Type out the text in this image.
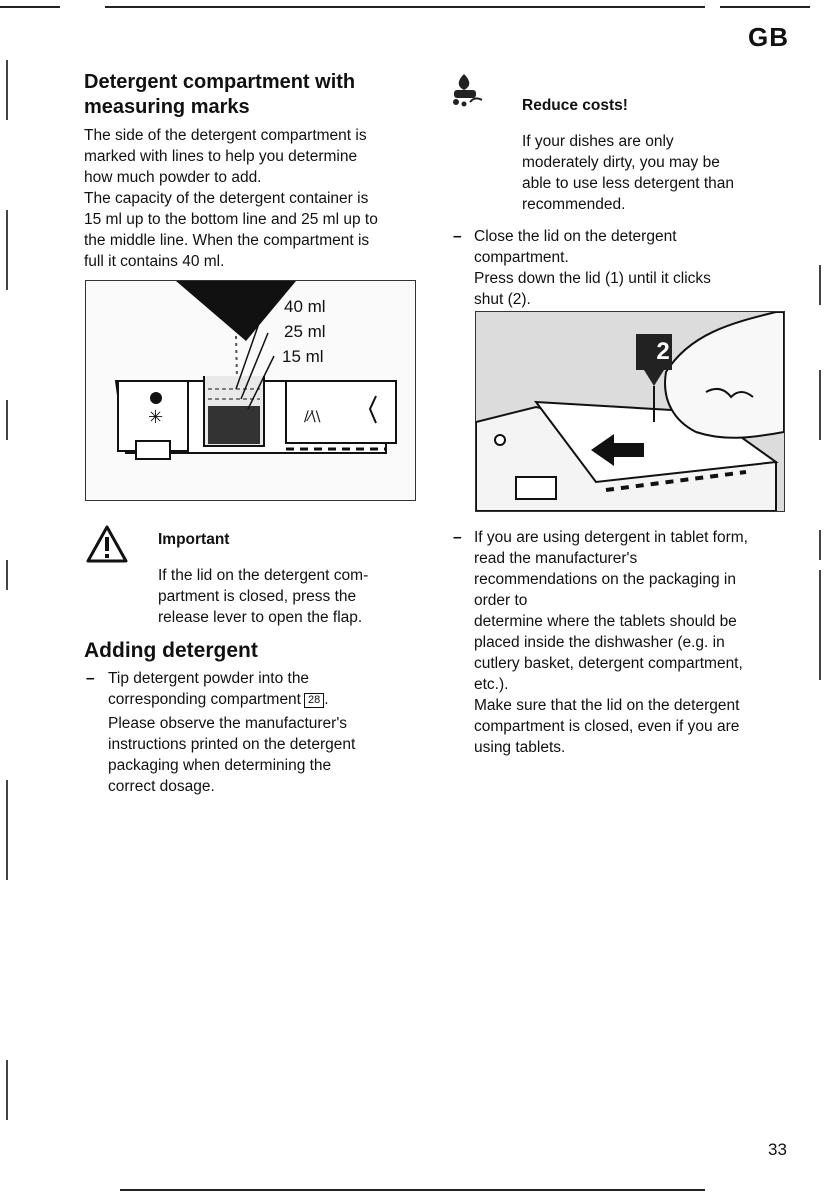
GB
Detergent compartment with
measuring marks
The side of the detergent compartment is
marked with lines to help you determine
how much powder to add.
The capacity of the detergent container is
15 ml up to the bottom line and 25 ml up to
the middle line. When the compartment is
full it contains 40 ml.
✳	/⁄\\
40 ml
25 ml
15 ml
Important
If the lid on the detergent com-
partment is closed, press the
release lever to open the flap.
Adding detergent
– Tip detergent powder into the
corresponding compartment 28 .
Please observe the manufacturer's
instructions printed on the detergent
packaging when determining the
correct dosage.
Reduce costs!
If your dishes are only
moderately dirty, you may be
able to use less detergent than
recommended.
– Close the lid on the detergent
compartment.
Press down the lid (1) until it clicks
shut (2).
2
– If you are using detergent in tablet form,
read the manufacturer's
recommendations on the packaging in
order to
determine where the tablets should be
placed inside the dishwasher (e.g. in
cutlery basket, detergent compartment,
etc.).
Make sure that the lid on the detergent
compartment is closed, even if you are
using tablets.
33
